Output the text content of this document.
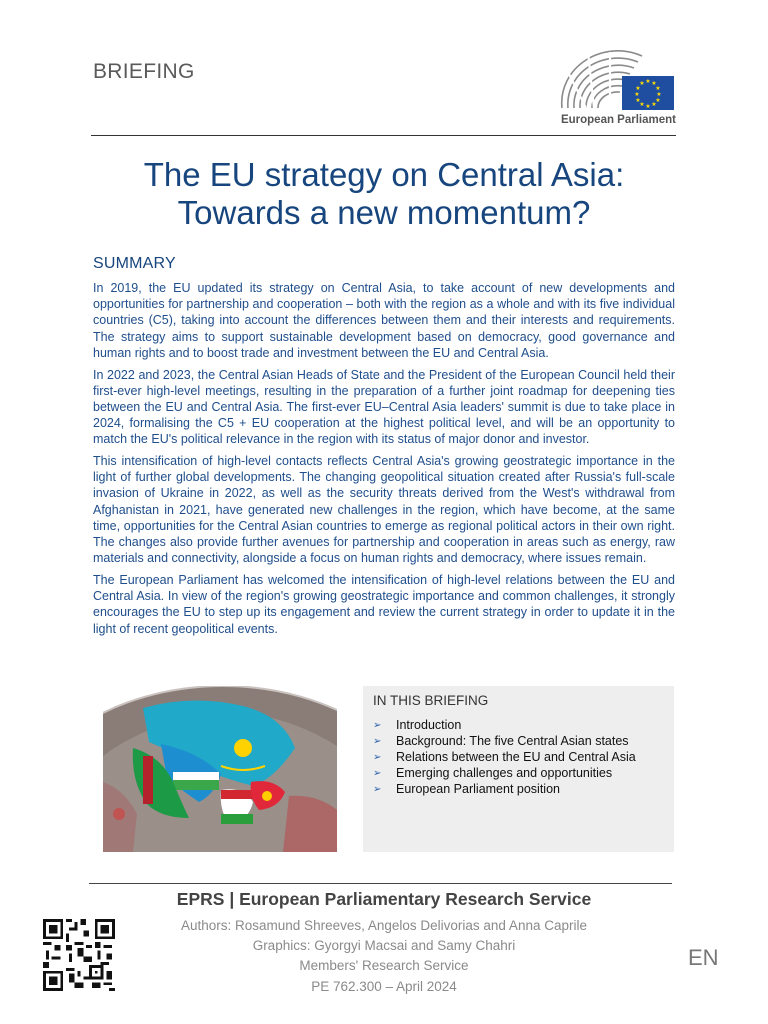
BRIEFING	★ ★
★
★
★
★
★
★
★
★
★
★
European Parliament
The EU strategy on Central Asia:
Towards a new momentum?
SUMMARY

In 2019, the EU updated its strategy on Central Asia, to take account of new developments and opportunities for partnership and cooperation – both with the region as a whole and with its five individual countries (C5), taking into account the differences between them and their interests and requirements. The strategy aims to support sustainable development based on democracy, good governance and human rights and to boost trade and investment between the EU and Central Asia.

In 2022 and 2023, the Central Asian Heads of State and the President of the European Council held their first-ever high-level meetings, resulting in the preparation of a further joint roadmap for deepening ties between the EU and Central Asia. The first-ever EU–Central Asia leaders' summit is due to take place in 2024, formalising the C5 + EU cooperation at the highest political level, and will be an opportunity to match the EU's political relevance in the region with its status of major donor and investor.

This intensification of high-level contacts reflects Central Asia's growing geostrategic importance in the light of further global developments. The changing geopolitical situation created after Russia's full-scale invasion of Ukraine in 2022, as well as the security threats derived from the West's withdrawal from Afghanistan in 2021, have generated new challenges in the region, which have become, at the same time, opportunities for the Central Asian countries to emerge as regional political actors in their own right. The changes also provide further avenues for partnership and cooperation in areas such as energy, raw materials and connectivity, alongside a focus on human rights and democracy, where issues remain.

The European Parliament has welcomed the intensification of high-level relations between the EU and Central Asia. In view of the region's growing geostrategic importance and common challenges, it strongly encourages the EU to step up its engagement and review the current strategy in order to update it in the light of recent geopolitical events.

IN THIS BRIEFING
➢	Introduction
➢	Background: The five Central Asian states
➢	Relations between the EU and Central Asia
➢	Emerging challenges and opportunities
➢	European Parliament position
EPRS | European Parliamentary Research Service
Authors: Rosamund Shreeves, Angelos Delivorias and Anna Caprile
Graphics: Gyorgyi Macsai and Samy Chahri
Members' Research Service
PE 762.300 – April 2024
EN
